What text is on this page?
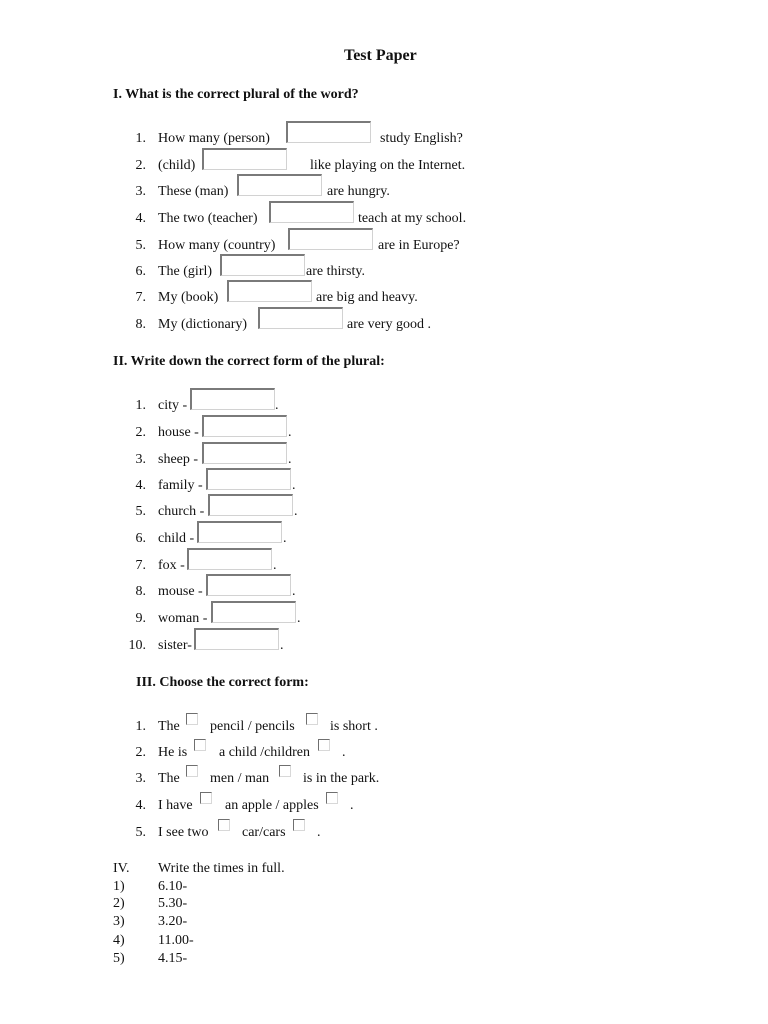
Test Paper
I. What is the correct plural of the word?
1. How many (person)	study English?
2. (child)	like playing on the Internet.
3. These (man)	are hungry.
4. The two (teacher)	teach at my school.
5. How many (country)	are in Europe?
6. The (girl)	are thirsty.
7. My (book)	are big and heavy.
8. My (dictionary)	are very good .
II. Write down the correct form of the plural:
1. city -	.
2. house -	.
3. sheep -	.
4. family -	.
5. church -	.
6. child -	.
7. fox -	.
8. mouse -	.
9. woman -	.
10. sister-	.
III. Choose the correct form:
1. The pencil / pencils	is short .
2. He is a child /children .
3. The men / man is in the park.
4. I have an apple / apples .
5. I see two car/cars .
IV. Write the times in full.
1) 6.10-
2) 5.30-
3) 3.20-
4) 11.00-
5) 4.15-
